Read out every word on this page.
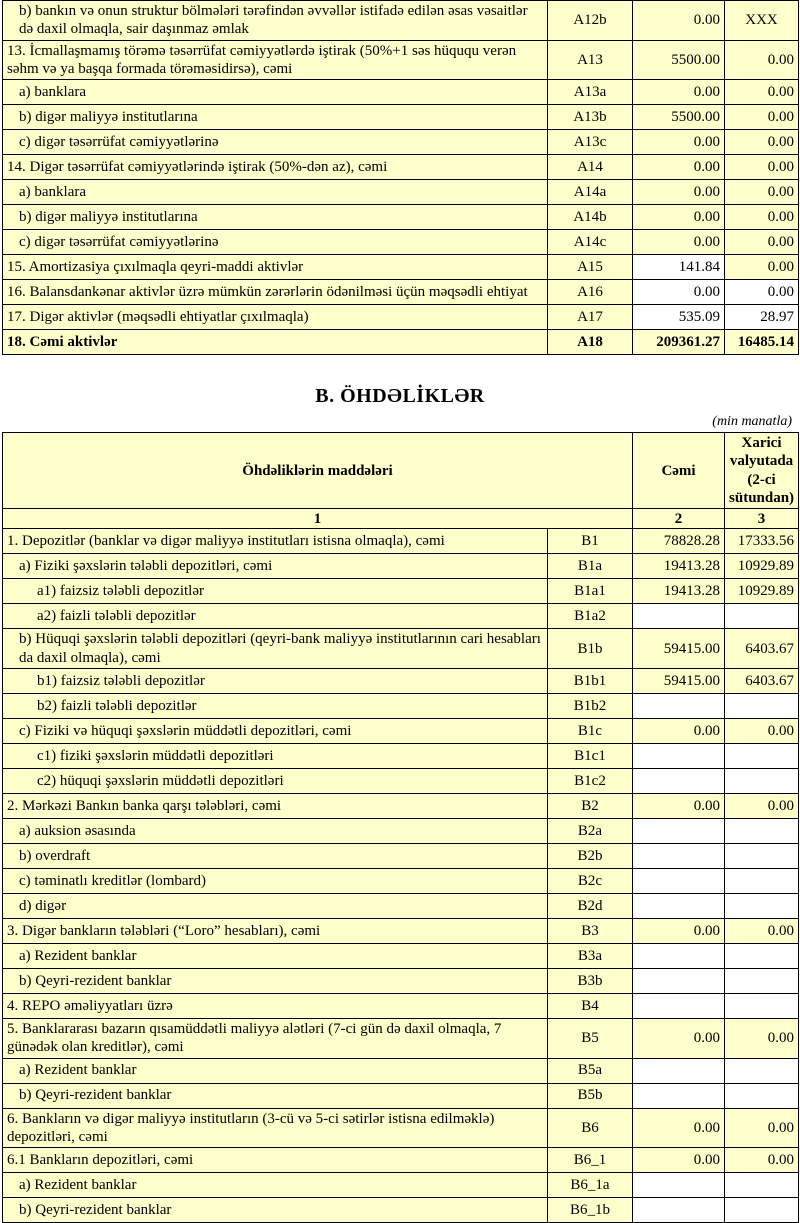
b) bankın və onun struktur bölmələri tərəfindən əvvəllər istifadə edilən əsas vəsaitlər də daxil olmaqla, sair daşınmaz əmlak	A12b	0.00	XXX
13. İcmallaşmamış törəmə təsərrüfat cəmiyyətlərdə iştirak (50%+1 səs hüququ verən səhm və ya başqa formada törəməsidirsə), cəmi	A13	5500.00	0.00
a) banklara	A13a	0.00	0.00
b) digər maliyyə institutlarına	A13b	5500.00	0.00
c) digər təsərrüfat cəmiyyətlərinə	A13c	0.00	0.00
14. Digər təsərrüfat cəmiyyətlərində iştirak (50%-dən az), cəmi	A14	0.00	0.00
a) banklara	A14a	0.00	0.00
b) digər maliyyə institutlarına	A14b	0.00	0.00
c) digər təsərrüfat cəmiyyətlərinə	A14c	0.00	0.00
15. Amortizasiya çıxılmaqla qeyri-maddi aktivlər	A15	141.84	0.00
16. Balansdankənar aktivlər üzrə mümkün zərərlərin ödənilməsi üçün məqsədli ehtiyat	A16	0.00	0.00
17. Digər aktivlər (məqsədli ehtiyatlar çıxılmaqla)	A17	535.09	28.97
18. Cəmi aktivlər	A18	209361.27	16485.14
B. ÖHDƏLİKLƏR
(min manatla)
Öhdəliklərin maddələri		Cəmi	Xarici valyutada (2-ci sütundan)
1		2	3
1. Depozitlər (banklar və digər maliyyə institutları istisna olmaqla), cəmi	B1	78828.28	17333.56
a) Fiziki şəxslərin tələbli depozitləri, cəmi	B1a	19413.28	10929.89
a1) faizsiz tələbli depozitlər	B1a1	19413.28	10929.89
a2) faizli tələbli depozitlər	B1a2		
b) Hüquqi şəxslərin tələbli depozitləri (qeyri-bank maliyyə institutlarının cari hesabları da daxil olmaqla), cəmi	B1b	59415.00	6403.67
b1) faizsiz tələbli depozitlər	B1b1	59415.00	6403.67
b2) faizli tələbli depozitlər	B1b2		
c) Fiziki və hüquqi şəxslərin müddətli depozitləri, cəmi	B1c	0.00	0.00
c1) fiziki şəxslərin müddətli depozitləri	B1c1		
c2) hüquqi şəxslərin müddətli depozitləri	B1c2		
2. Mərkəzi Bankın banka qarşı tələbləri, cəmi	B2	0.00	0.00
a) auksion əsasında	B2a		
b) overdraft	B2b		
c) təminatlı kreditlər (lombard)	B2c		
d) digər	B2d		
3. Digər bankların tələbləri (“Loro” hesabları), cəmi	B3	0.00	0.00
a) Rezident banklar	B3a		
b) Qeyri-rezident banklar	B3b		
4. REPO əməliyyatları üzrə	B4		
5. Banklararası bazarın qısamüddətli maliyyə alətləri (7-ci gün də daxil olmaqla, 7 günədək olan kreditlər), cəmi	B5	0.00	0.00
a) Rezident banklar	B5a		
b) Qeyri-rezident banklar	B5b		
6. Bankların və digər maliyyə institutların (3-cü və 5-ci sətirlər istisna edilməklə) depozitləri, cəmi	B6	0.00	0.00
6.1 Bankların depozitləri, cəmi	B6_1	0.00	0.00
a) Rezident banklar	B6_1a		
b) Qeyri-rezident banklar	B6_1b		
